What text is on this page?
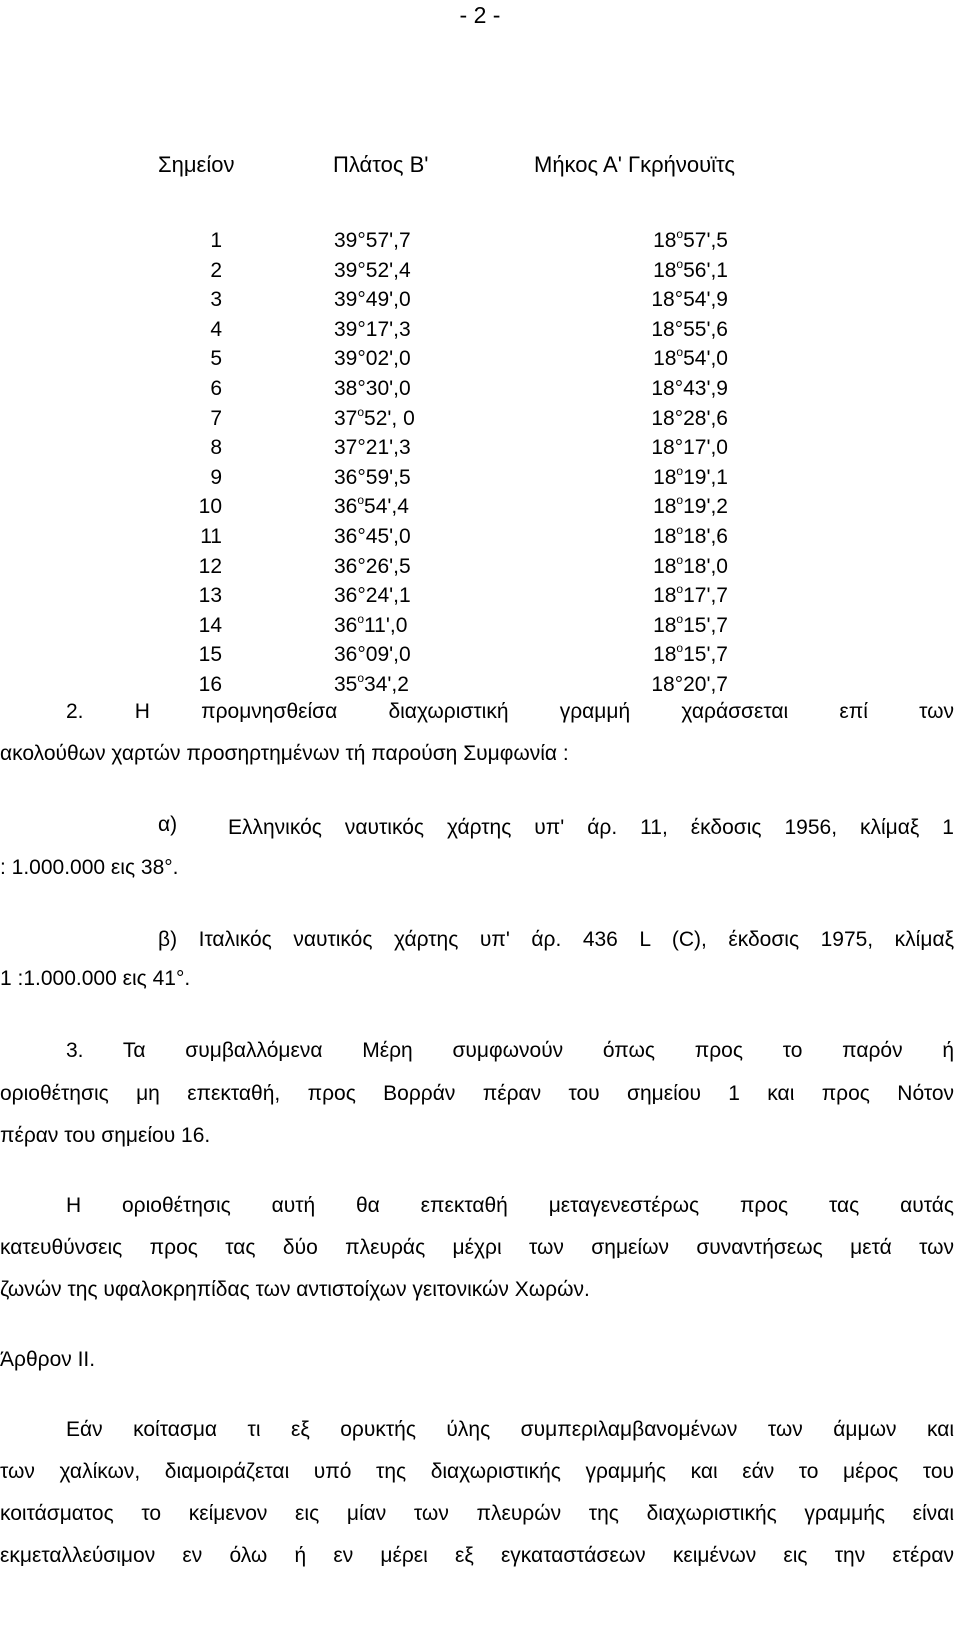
- 2 -
Σημείον	Πλάτος Β'	Μήκος Α' Γκρήνουϊτς
1	39°57',7	18$^o$57',5
2	39°52',4	18$^o$56',1
3	39°49',0	18°54',9
4	39°17',3	18°55',6
5	39°02',0	18$^o$54',0
6	38°30',0	18°43',9
7	37$^o$52', 0	18°28',6
8	37°21',3	18°17',0
9	36°59',5	18$^o$19',1
10	36$^o$54',4	18$^o$19',2
11	36°45',0	18$^o$18',6
12	36°26',5	18$^o$18',0
13	36°24',1	18$^o$17',7
14	36$^o$11',0	18$^o$15',7
15	36°09',0	18$^o$15',7
16	35$^o$34',2	18°20',7
2. Η προμνησθείσα διαχωριστική γραμμή χαράσσεται επί των
ακολούθων χαρτών προσηρτημένων τή παρούση Συμφωνία :
α) Ελληνικός ναυτικός χάρτης υπ' άρ. 11, έκδοσις 1956, κλίμαξ 1
: 1.000.000 εις 38°.
β) Ιταλικός ναυτικός χάρτης υπ' άρ. 436 L (C), έκδοσις 1975, κλίμαξ
1 :1.000.000 εις 41°.
3. Τα συμβαλλόμενα Μέρη συμφωνούν όπως προς το παρόν ή
οριοθέτησις μη επεκταθή, προς Βορράν πέραν του σημείου 1 και προς Νότον
πέραν του σημείου 16.
Η οριοθέτησις αυτή θα επεκταθή μεταγενεστέρως προς τας αυτάς
κατευθύνσεις προς τας δύο πλευράς μέχρι των σημείων συναντήσεως μετά των
ζωνών της υφαλοκρηπίδας των αντιστοίχων γειτονικών Χωρών.
Άρθρον II.
Εάν κοίτασμα τι εξ ορυκτής ύλης συμπεριλαμβανομένων των άμμων και
των χαλίκων, διαμοιράζεται υπό της διαχωριστικής γραμμής και εάν το μέρος του
κοιτάσματος το κείμενον εις μίαν των πλευρών της διαχωριστικής γραμμής είναι
εκμεταλλεύσιμον εν όλω ή εν μέρει εξ εγκαταστάσεων κειμένων εις την ετέραν
